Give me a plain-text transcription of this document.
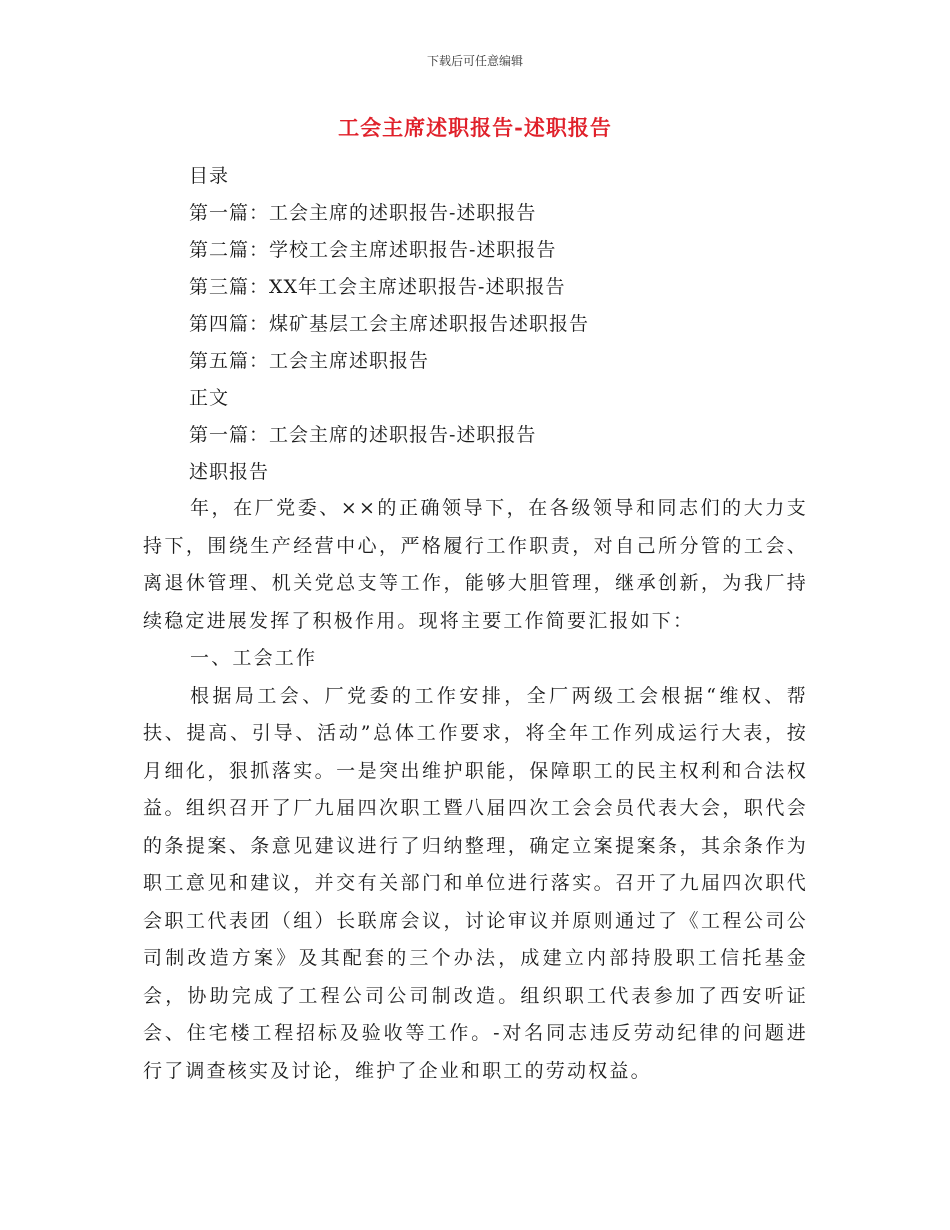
下载后可任意编辑
工会主席述职报告-述职报告
目录
第一篇：工会主席的述职报告-述职报告
第二篇：学校工会主席述职报告-述职报告
第三篇：XX年工会主席述职报告-述职报告
第四篇：煤矿基层工会主席述职报告述职报告
第五篇：工会主席述职报告
正文
第一篇：工会主席的述职报告-述职报告
述职报告

年，在厂党委、××的正确领导下，在各级领导和同志们的大力支持下，围绕生产经营中心，严格履行工作职责，对自己所分管的工会、离退休管理、机关党总支等工作，能够大胆管理，继承创新，为我厂持续稳定进展发挥了积极作用。现将主要工作简要汇报如下：

一、工会工作

根据局工会、厂党委的工作安排，全厂两级工会根据“维权、帮扶、提高、引导、活动”总体工作要求，将全年工作列成运行大表，按月细化，狠抓落实。一是突出维护职能，保障职工的民主权利和合法权益。组织召开了厂九届四次职工暨八届四次工会会员代表大会，职代会的条提案、条意见建议进行了归纳整理，确定立案提案条，其余条作为职工意见和建议，并交有关部门和单位进行落实。召开了九届四次职代会职工代表团（组）长联席会议，讨论审议并原则通过了《工程公司公司制改造方案》及其配套的三个办法，成建立内部持股职工信托基金会，协助完成了工程公司公司制改造。组织职工代表参加了西安听证会、住宅楼工程招标及验收等工作。-对名同志违反劳动纪律的问题进行了调查核实及讨论，维护了企业和职工的劳动权益。
